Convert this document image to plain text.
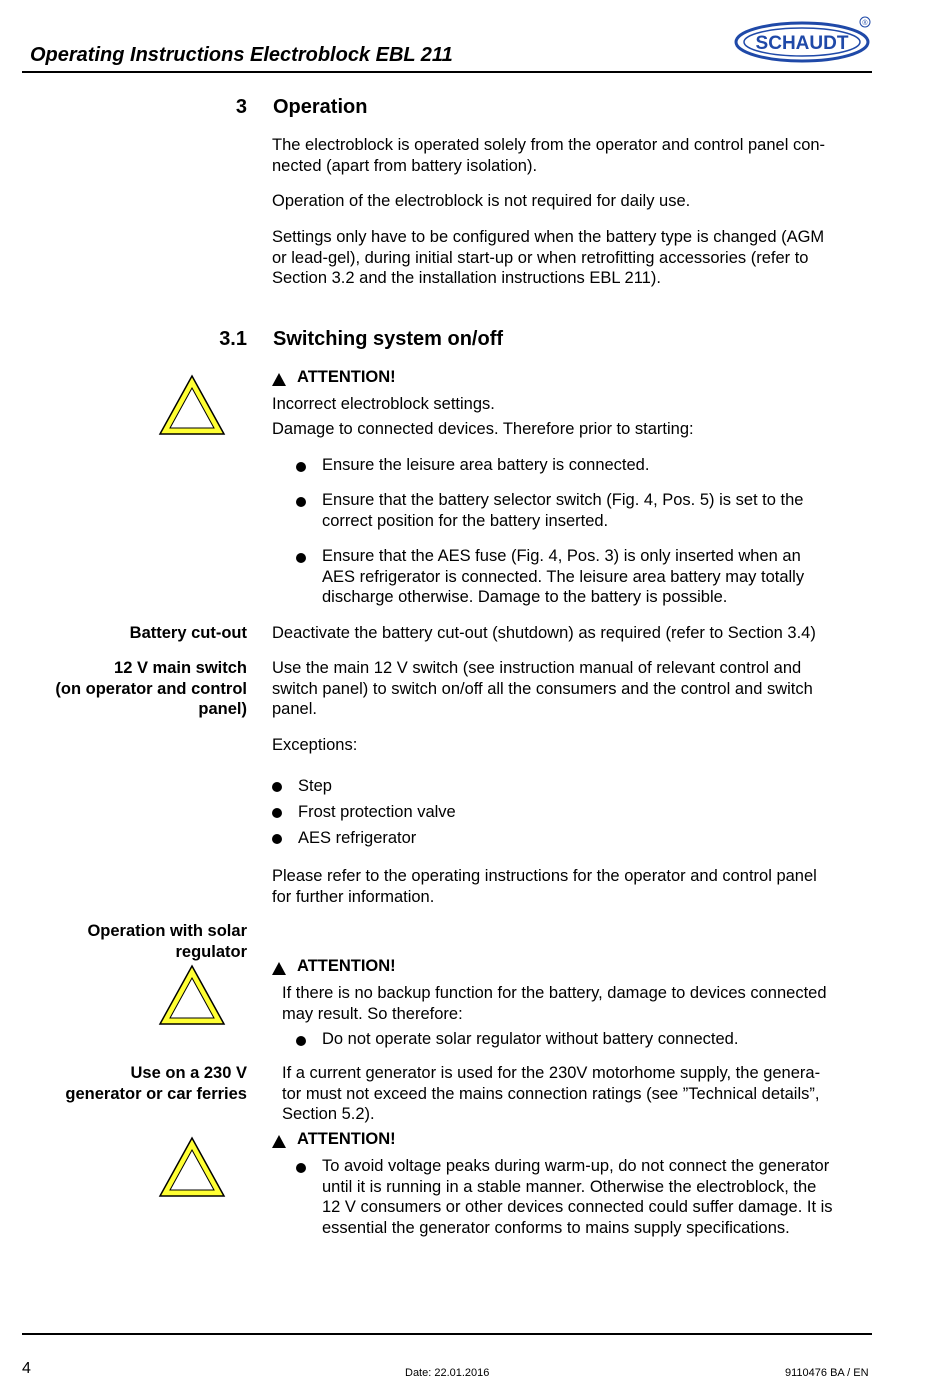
Operating Instructions Electroblock EBL 211
SCHAUDT
®
3 Operation
The electroblock is operated solely from the operator and control panel con-
nected (apart from battery isolation).
Operation of the electroblock is not required for daily use.
Settings only have to be configured when the battery type is changed (AGM
or lead-gel), during initial start-up or when retrofitting accessories (refer to
Section 3.2 and the installation instructions EBL 211).
3.1 Switching system on/off
ATTENTION!
Incorrect electroblock settings.
Damage to connected devices. Therefore prior to starting:
Ensure the leisure area battery is connected.
Ensure that the battery selector switch (Fig. 4, Pos. 5) is set to the
correct position for the battery inserted.
Ensure that the AES fuse (Fig. 4, Pos. 3) is only inserted when an
AES refrigerator is connected. The leisure area battery may totally
discharge otherwise. Damage to the battery is possible.
Battery cut-out Deactivate the battery cut-out (shutdown) as required (refer to Section 3.4)
12 V main switch
(on operator and control
panel)
Use the main 12 V switch (see instruction manual of relevant control and
switch panel) to switch on/off all the consumers and the control and switch
panel.
Exceptions:
Step
Frost protection valve
AES refrigerator
Please refer to the operating instructions for the operator and control panel
for further information.
Operation with solar
regulator
ATTENTION!
If there is no backup function for the battery, damage to devices connected
may result. So therefore:
Do not operate solar regulator without battery connected.
Use on a 230 V
generator or car ferries
If a current generator is used for the 230V motorhome supply, the genera-
tor must not exceed the mains connection ratings (see ”Technical details”,
Section 5.2).
ATTENTION!
To avoid voltage peaks during warm-up, do not connect the generator
until it is running in a stable manner. Otherwise the electroblock, the
12 V consumers or other devices connected could suffer damage. It is
essential the generator conforms to mains supply specifications.
4	Date: 22.01.2016	9110476 BA / EN
